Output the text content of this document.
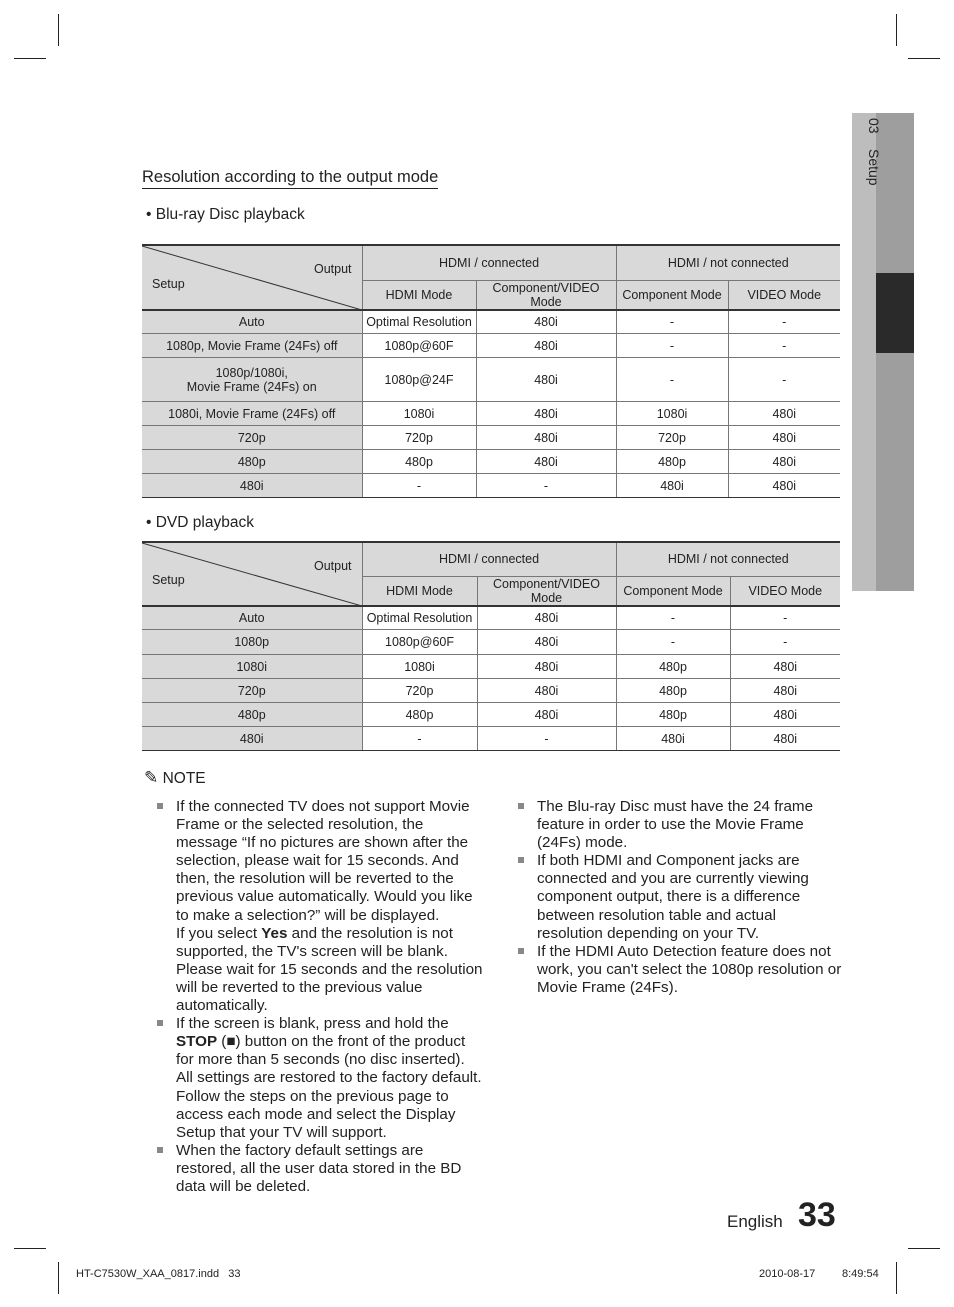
03 Setup
Resolution according to the output mode
• Blu-ray Disc playback
Output
Setup	HDMI / connected		HDMI / not connected	
	HDMI Mode	Component/VIDEO Mode	Component Mode	VIDEO Mode
Auto	Optimal Resolution	480i	-	-
1080p, Movie Frame (24Fs) off	1080p@60F	480i	-	-

1080p/1080i,
Movie Frame (24Fs) on	1080p@24F	480i	-	-
1080i, Movie Frame (24Fs) off	1080i	480i	1080i	480i
720p	720p	480i	720p	480i
480p	480p	480i	480p	480i
480i	-	-	480i	480i
• DVD playback
Output
Setup	HDMI / connected		HDMI / not connected	
	HDMI Mode	Component/VIDEO Mode	Component Mode	VIDEO Mode
Auto	Optimal Resolution	480i	-	-
1080p	1080p@60F	480i	-	-
1080i	1080i	480i	480p	480i
720p	720p	480i	480p	480i
480p	480p	480i	480p	480i
480i	-	-	480i	480i
✎ NOTE
If the connected TV does not support Movie Frame or the selected resolution, the message “If no pictures are shown after the selection, please wait for 15 seconds. And then, the resolution will be reverted to the previous value automatically. Would you like to make a selection?” will be displayed.
If you select Yes and the resolution is not supported, the TV's screen will be blank. Please wait for 15 seconds and the resolution will be reverted to the previous value automatically.
If the screen is blank, press and hold the STOP (■) button on the front of the product for more than 5 seconds (no disc inserted). All settings are restored to the factory default. Follow the steps on the previous page to access each mode and select the Display Setup that your TV will support.
When the factory default settings are restored, all the user data stored in the BD data will be deleted.
The Blu-ray Disc must have the 24 frame feature in order to use the Movie Frame (24Fs) mode.
If both HDMI and Component jacks are connected and you are currently viewing component output, there is a difference between resolution table and actual resolution depending on your TV.
If the HDMI Auto Detection feature does not work, you can't select the 1080p resolution or Movie Frame (24Fs).
English 33
HT-C7530W_XAA_0817.indd   33	2010-08-17 8:49:54
